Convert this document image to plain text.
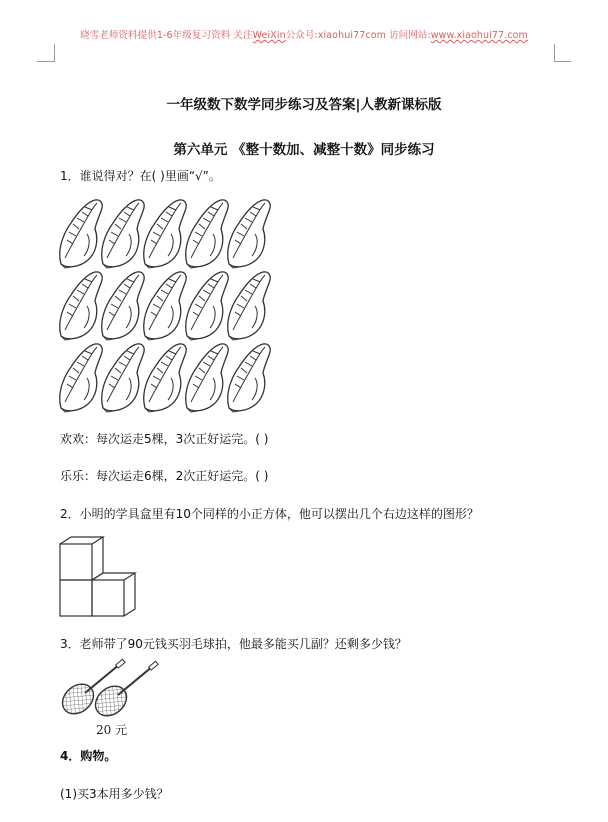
晓雪老师资料提供1-6年级复习资料 关注WeiXin公众号:xiaohui77com 访问网站:www.xiaohui77.com
一年级数下数学同步练习及答案|人教新课标版
第六单元 《整十数加、减整十数》同步练习
1．谁说得对？在( )里画“√”。
欢欢：每次运走5棵，3次正好运完。( )
乐乐：每次运走6棵，2次正好运完。( )
2．小明的学具盒里有10个同样的小正方体，他可以摆出几个右边这样的图形？
3．老师带了90元钱买羽毛球拍，他最多能买几副？还剩多少钱？
20 元
4．购物。
(1)买3本用多少钱？
